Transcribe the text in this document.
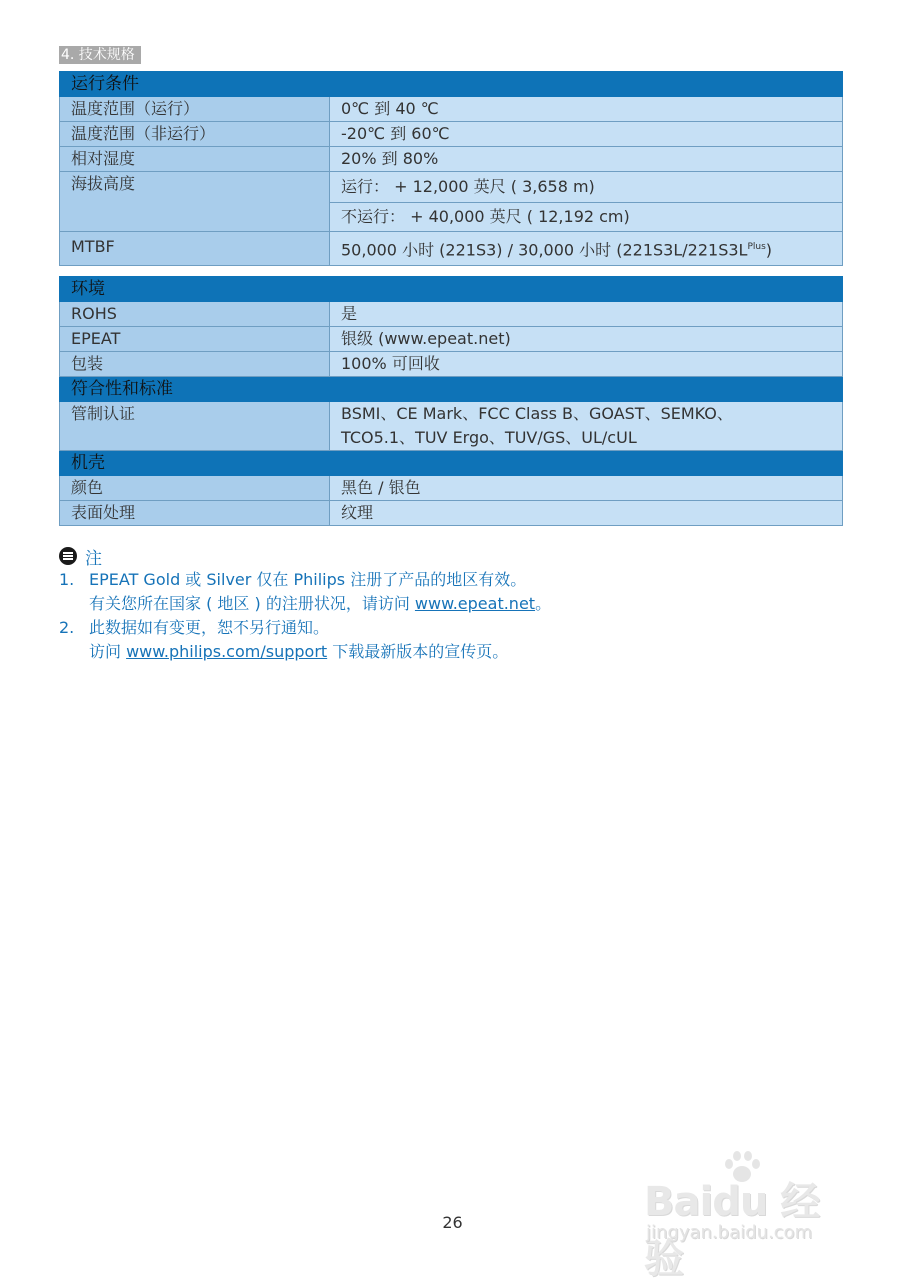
4. 技术规格
运行条件	
温度范围（运行）	0℃ 到 40 ℃
温度范围（非运行）	-20℃ 到 60℃
相对湿度	20% 到 80%
海拔高度	运行： + 12,000 英尺 ( 3,658 m)
	不运行： + 40,000 英尺 ( 12,192 cm)
MTBF	50,000 小时 (221S3) / 30,000 小时 $(221S3L/221S3L^{Plus})$
环境	
ROHS	是
EPEAT	银级 (www.epeat.net)
包装	100% 可回收
符合性和标准	
管制认证	BSMI、CE Mark、FCC Class B、GOAST、SEMKO、
TCO5.1、TUV Ergo、TUV/GS、UL/cUL

机壳	
颜色	黑色 / 银色
表面处理	纹理
注
1. EPEAT Gold 或 Silver 仅在 Philips 注册了产品的地区有效。
有关您所在国家 ( 地区 ) 的注册状况，请访问 www.epeat.net。
2. 此数据如有变更，恕不另行通知。
访问 www.philips.com/support 下载最新版本的宣传页。
26	Baidu 经验
jingyan.baidu.com
